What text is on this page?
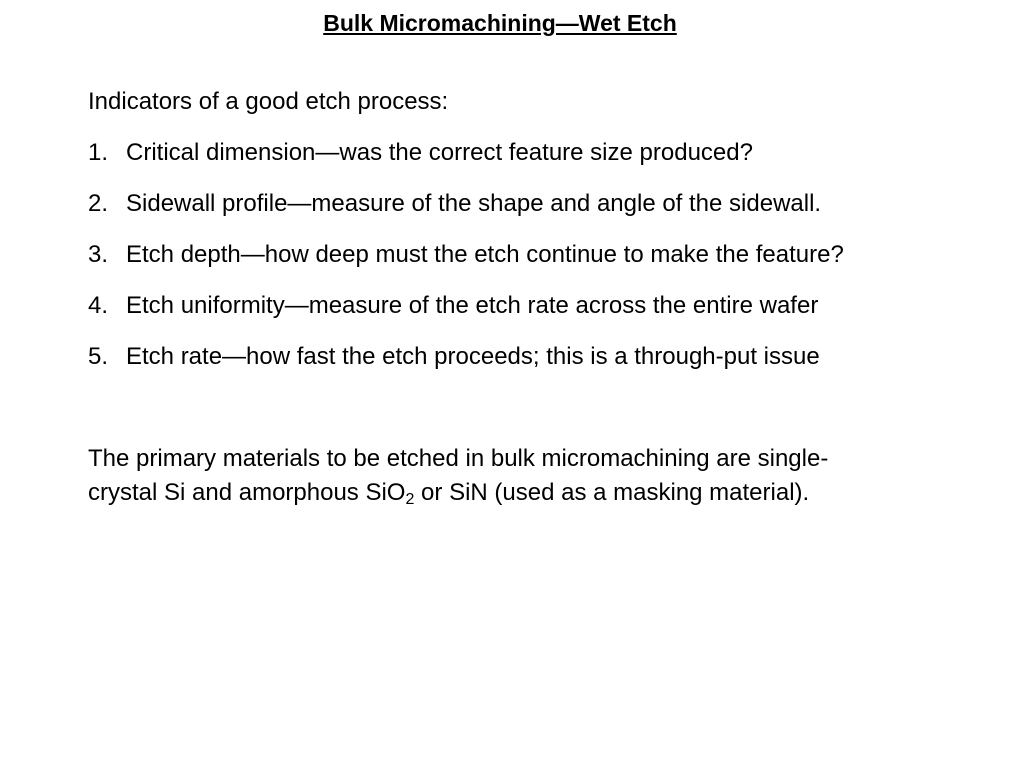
Bulk Micromachining—Wet Etch
Indicators of a good etch process:
1. Critical dimension—was the correct feature size produced?
2. Sidewall profile—measure of the shape and angle of the sidewall.
3. Etch depth—how deep must the etch continue to make the feature?
4. Etch uniformity—measure of the etch rate across the entire wafer
5. Etch rate—how fast the etch proceeds; this is a through-put issue

The primary materials to be etched in bulk micromachining are single-
crystal Si and amorphous SiO$_2$ or SiN (used as a masking material).
